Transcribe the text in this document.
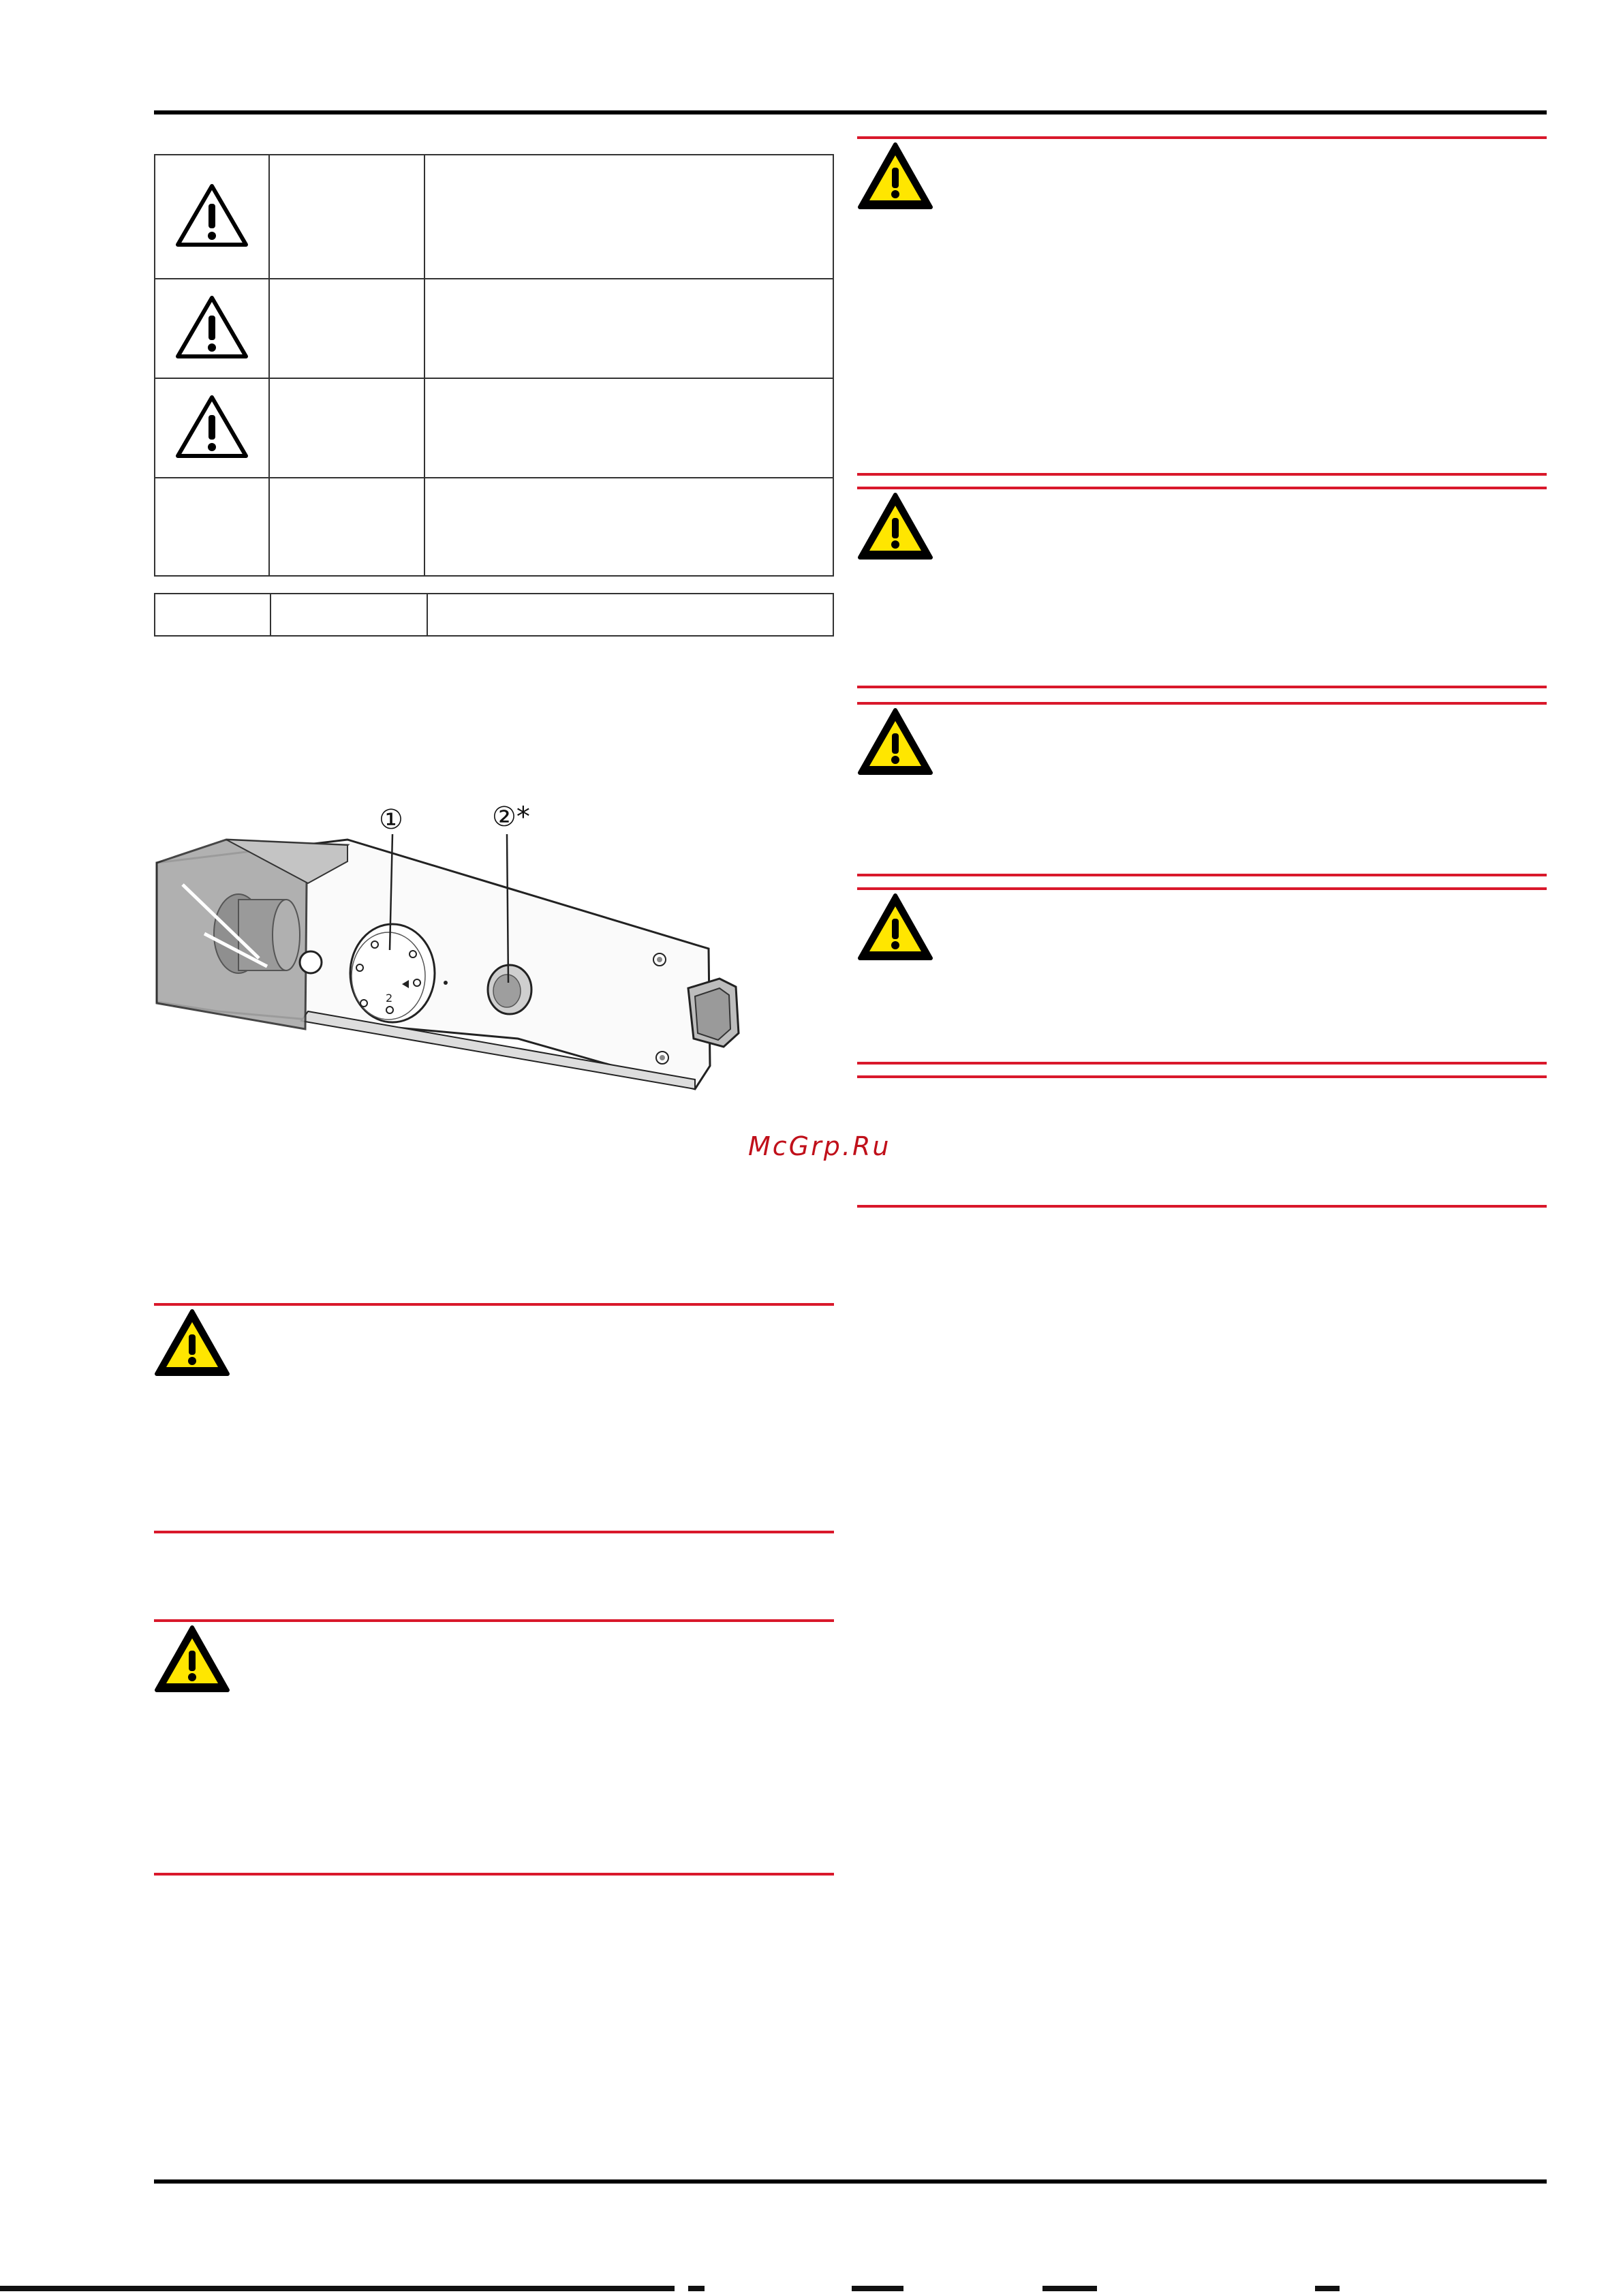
2
①	②*
McGrp.Ru
